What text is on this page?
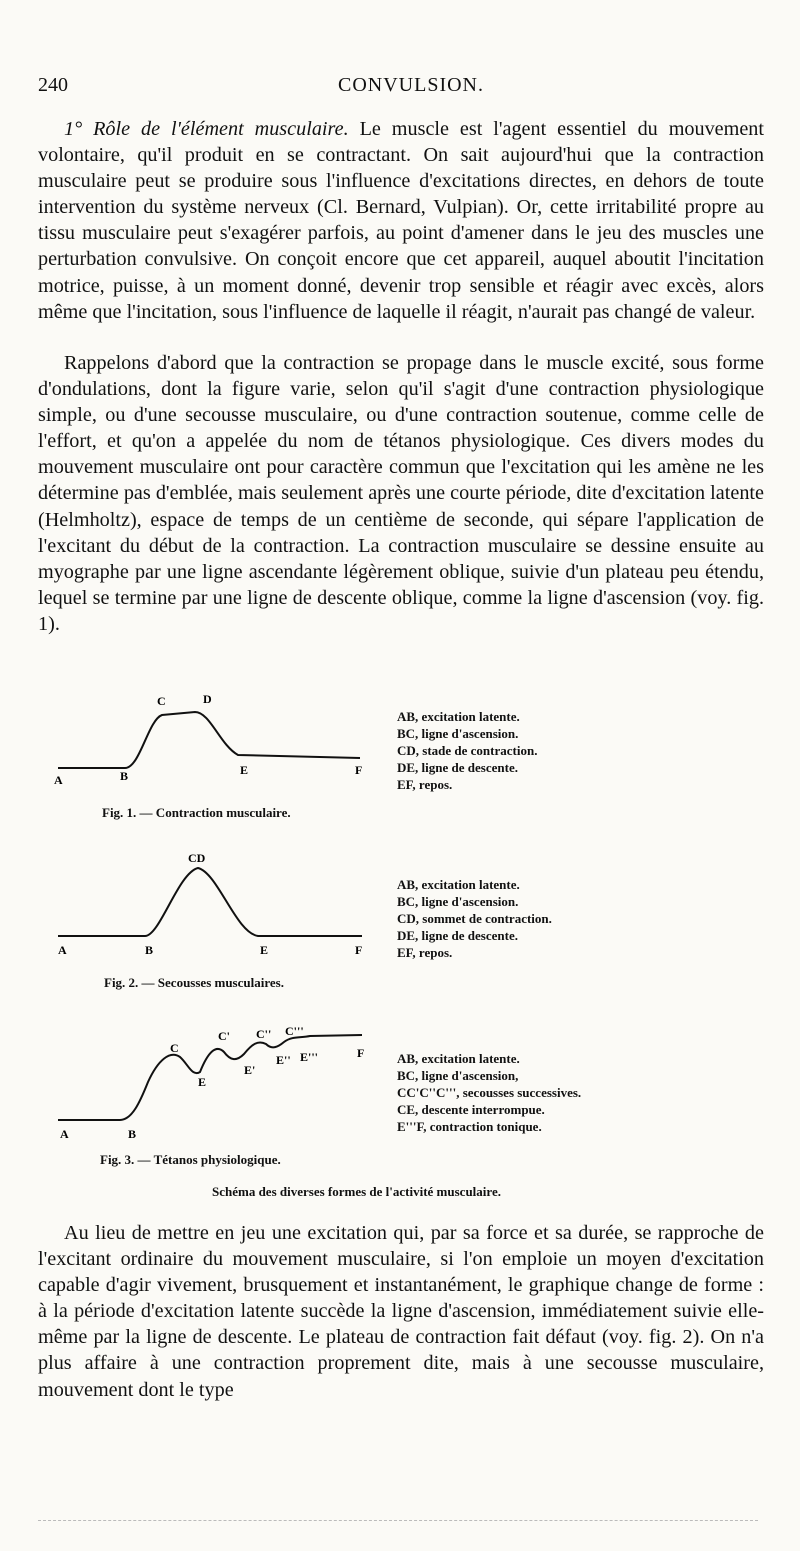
240	CONVULSION.

1° Rôle de l'élément musculaire. Le muscle est l'agent essentiel du mouvement volontaire, qu'il produit en se contractant. On sait aujourd'hui que la contraction musculaire peut se produire sous l'influence d'excitations directes, en dehors de toute intervention du système nerveux (Cl. Bernard, Vulpian). Or, cette irritabilité propre au tissu musculaire peut s'exagérer parfois, au point d'amener dans le jeu des muscles une perturbation convulsive. On conçoit encore que cet appareil, auquel aboutit l'incitation motrice, puisse, à un moment donné, devenir trop sensible et réagir avec excès, alors même que l'incitation, sous l'influence de laquelle il réagit, n'aurait pas changé de valeur.

Rappelons d'abord que la contraction se propage dans le muscle excité, sous forme d'ondulations, dont la figure varie, selon qu'il s'agit d'une contraction physiologique simple, ou d'une secousse musculaire, ou d'une contraction soutenue, comme celle de l'effort, et qu'on a appelée du nom de tétanos physiologique. Ces divers modes du mouvement musculaire ont pour caractère commun que l'excitation qui les amène ne les détermine pas d'emblée, mais seulement après une courte période, dite d'excitation latente (Helmholtz), espace de temps de un centième de seconde, qui sépare l'application de l'excitant du début de la contraction. La contraction musculaire se dessine ensuite au myographe par une ligne ascendante légèrement oblique, suivie d'un plateau peu étendu, lequel se termine par une ligne de descente oblique, comme la ligne d'ascension (voy. fig. 1).

A	B
C	D
E	F
AB, excitation latente.
BC, ligne d'ascension.
CD, stade de contraction.
DE, ligne de descente.
EF, repos.
Fig. 1. — Contraction musculaire.
A	B
CD
E	F
AB, excitation latente.
BC, ligne d'ascension.
CD, sommet de contraction.
DE, ligne de descente.
EF, repos.
Fig. 2. — Secousses musculaires.
A	B
C
C' C'' C'''
E
E'
E'' E'''	F	AB, excitation latente.
BC, ligne d'ascension,
CC'C''C''', secousses successives.
CE, descente interrompue.
E'''F, contraction tonique.
Fig. 3. — Tétanos physiologique.
Schéma des diverses formes de l'activité musculaire.

Au lieu de mettre en jeu une excitation qui, par sa force et sa durée, se rapproche de l'excitant ordinaire du mouvement musculaire, si l'on emploie un moyen d'excitation capable d'agir vivement, brusquement et instantanément, le graphique change de forme : à la période d'excitation latente succède la ligne d'ascension, immédiatement suivie elle-même par la ligne de descente. Le plateau de contraction fait défaut (voy. fig. 2). On n'a plus affaire à une contraction proprement dite, mais à une secousse musculaire, mouvement dont le type
